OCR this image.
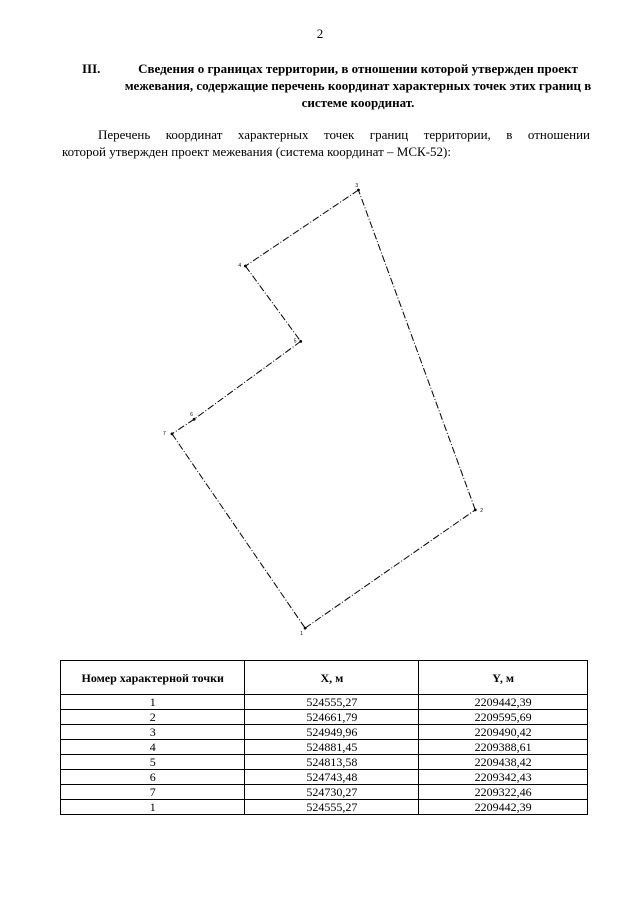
2
III.	Сведения о границах территории, в отношении которой утвержден проект межевания, содержащие перечень координат характерных точек этих границ в системе координат.
Перечень координат характерных точек границ территории, в отношении
которой утвержден проект межевания (система координат – МСК-52):
1
2
3
4
5
6
7
Номер характерной точки	X, м	Y, м
1	524555,27	2209442,39
2	524661,79	2209595,69
3	524949,96	2209490,42
4	524881,45	2209388,61
5	524813,58	2209438,42
6	524743,48	2209342,43
7	524730,27	2209322,46
1	524555,27	2209442,39
